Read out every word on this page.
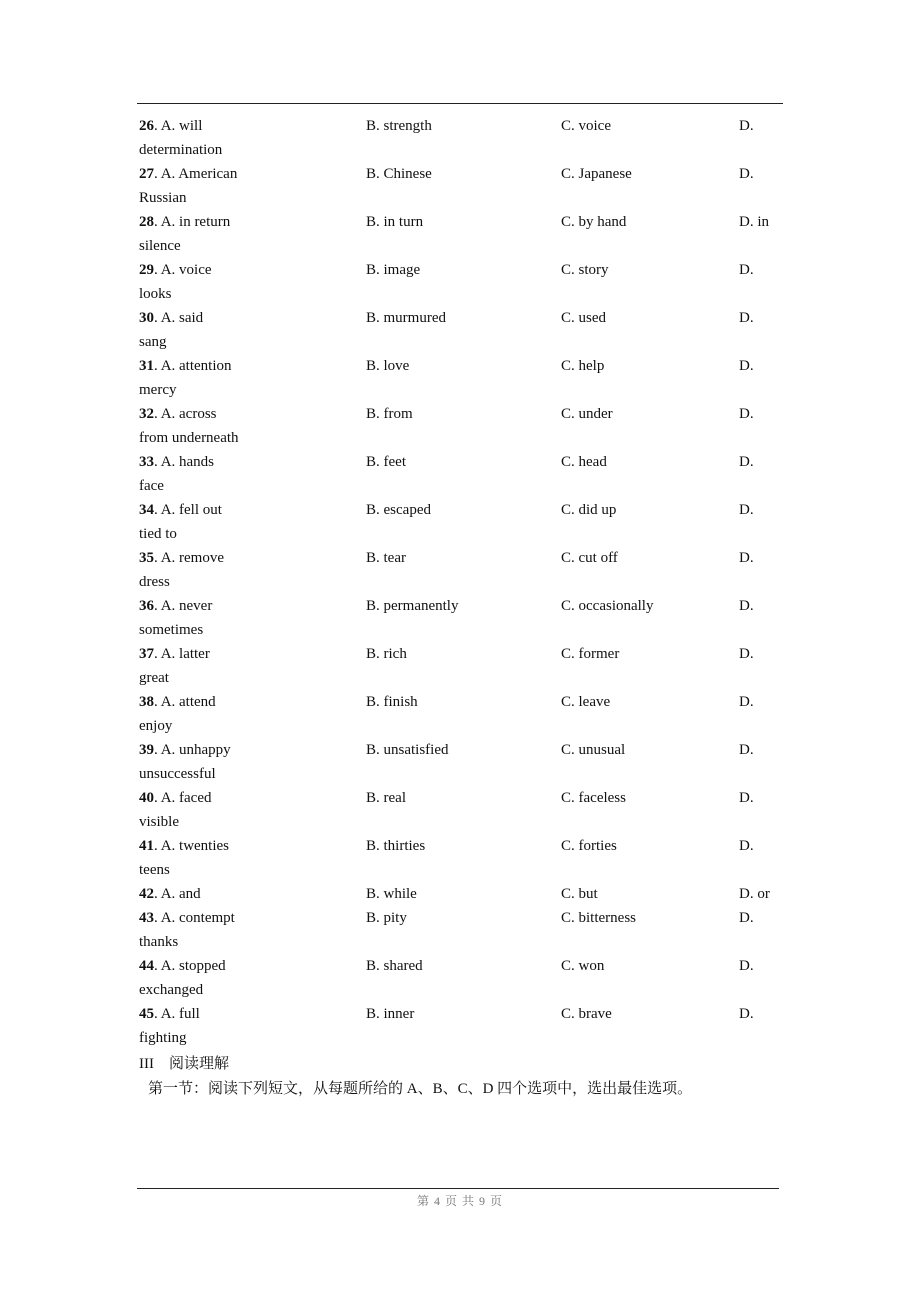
26. A. will	B. strength	C. voice	D.
determination
27. A. American	B. Chinese	C. Japanese	D.
Russian
28. A. in return	B. in turn	C. by hand	D. in
silence
29. A. voice	B. image	C. story	D.
looks
30. A. said	B. murmured	C. used	D.
sang
31. A. attention	B. love	C. help	D.
mercy
32. A. across	B. from	C. under	D.
from underneath
33. A. hands	B. feet	C. head	D.
face
34. A. fell out	B. escaped	C. did up	D.
tied to
35. A. remove	B. tear	C. cut off	D.
dress
36. A. never	B. permanently	C. occasionally	D.
sometimes
37. A. latter	B. rich	C. former	D.
great
38. A. attend	B. finish	C. leave	D.
enjoy
39. A. unhappy	B. unsatisfied	C. unusual	D.
unsuccessful
40. A. faced	B. real	C. faceless	D.
visible
41. A. twenties	B. thirties	C. forties	D.
teens
42. A. and	B. while	C. but	D. or
43. A. contempt	B. pity	C. bitterness	D.
thanks
44. A. stopped	B. shared	C. won	D.
exchanged
45. A. full	B. inner	C. brave	D.
fighting
III　阅读理解
第一节：阅读下列短文，从每题所给的 A、B、C、D 四个选项中，选出最佳选项。
第 4 页 共 9 页
